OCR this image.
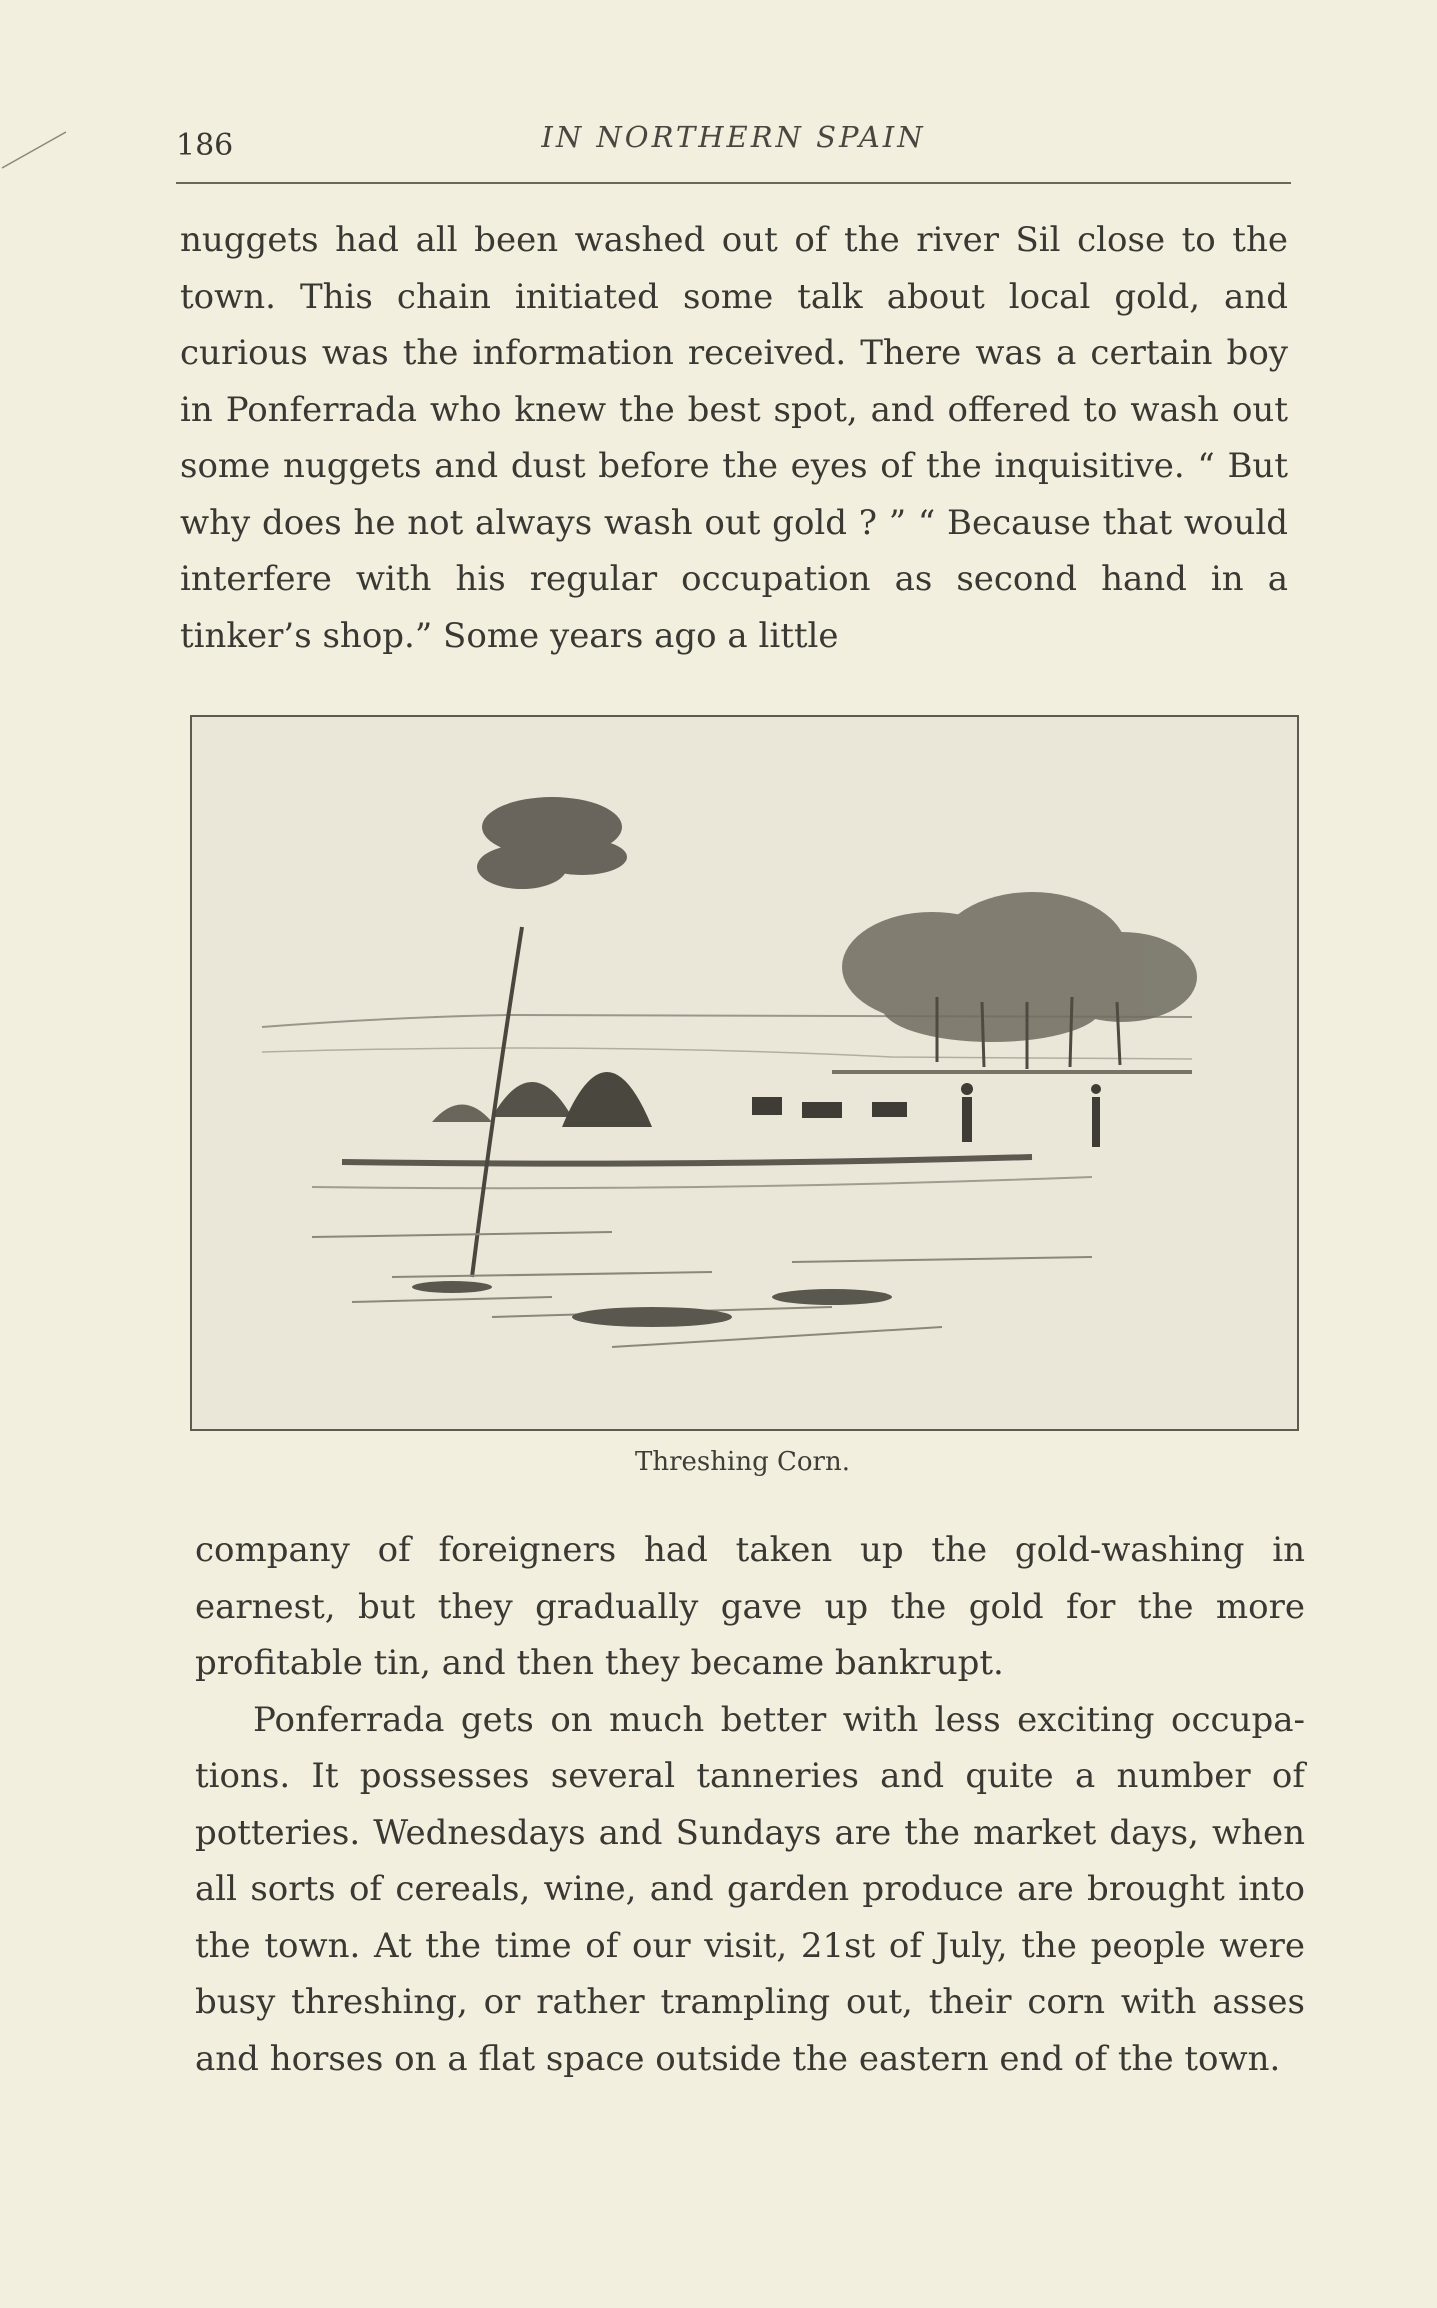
186	IN NORTHERN SPAIN

nuggets had all been washed out of the river Sil close to the town. This chain initiated some talk about local gold, and curious was the information received. There was a certain boy in Ponferrada who knew the best spot, and offered to wash out some nuggets and dust before the eyes of the inquisitive. “ But why does he not always wash out gold ? ” “ Because that would interfere with his regular occupation as second hand in a tinker’s shop.” Some years ago a little

Threshing Corn.

company of foreigners had taken up the gold-washing in earnest, but they gradually gave up the gold for the more profitable tin, and then they became bankrupt.

Ponferrada gets on much better with less exciting occupa-tions. It possesses several tanneries and quite a number of potteries. Wednesdays and Sundays are the market days, when all sorts of cereals, wine, and garden produce are brought into the town. At the time of our visit, 21st of July, the people were busy threshing, or rather trampling out, their corn with asses and horses on a flat space outside the eastern end of the town.
